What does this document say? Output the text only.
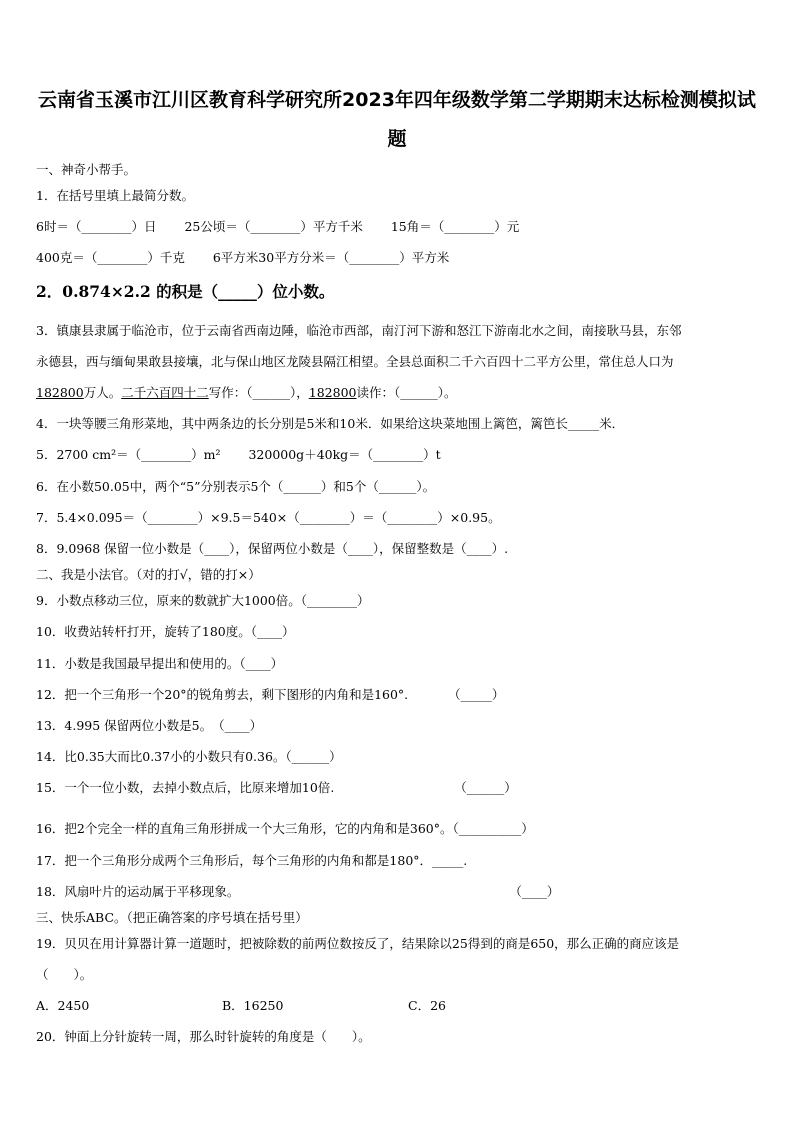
云南省玉溪市江川区教育科学研究所2023年四年级数学第二学期期末达标检测模拟试
题
一、神奇小帮手。
1．在括号里填上最简分数。
6时＝（________）日 25公顷＝（________）平方千米 15角＝（________）元
400克＝（________）千克 6平方米30平方分米＝（________）平方米
2．0.874×2.2 的积是（_____）位小数。
3．镇康县隶属于临沧市，位于云南省西南边陲，临沧市西部，南汀河下游和怒江下游南北水之间，南接耿马县，东邻
永德县，西与缅甸果敢县接壤，北与保山地区龙陵县隔江相望。全县总面积二千六百四十二平方公里，常住总人口为
182800万人。二千六百四十二写作：（______），182800读作：（______）。
4．一块等腰三角形菜地，其中两条边的长分别是5米和10米．如果给这块菜地围上篱笆，篱笆长_____米．
5．2700 cm²＝（________）m² 320000g＋40kg＝（________）t
6．在小数50.05中，两个“5”分别表示5个（______）和5个（______）。
7．5.4×0.095＝（________）×9.5＝540×（________）＝（________）×0.95。
8．9.0968 保留一位小数是（____），保留两位小数是（____），保留整数是（____）.
二、我是小法官。（对的打√，错的打×）
9．小数点移动三位，原来的数就扩大1000倍。（________）
10．收费站转杆打开，旋转了180度。（____）
11．小数是我国最早提出和使用的。（____）
12．把一个三角形一个20°的锐角剪去，剩下图形的内角和是160°.	（_____）
13．4.995 保留两位小数是5。　（____）
14．比0.35大而比0.37小的小数只有0.36。（______）
15．一个一位小数，去掉小数点后，比原来增加10倍.	（______）
16．把2个完全一样的直角三角形拼成一个大三角形，它的内角和是360°。（__________）
17．把一个三角形分成两个三角形后，每个三角形的内角和都是180°．_____.
18．风扇叶片的运动属于平移现象。	（____）
三、快乐ABC。（把正确答案的序号填在括号里）
19．贝贝在用计算器计算一道题时，把被除数的前两位数按反了，结果除以25得到的商是650，那么正确的商应该是
（　　）。
A．2450	B．16250	C．26
20．钟面上分针旋转一周，那么时针旋转的角度是（　　）。
